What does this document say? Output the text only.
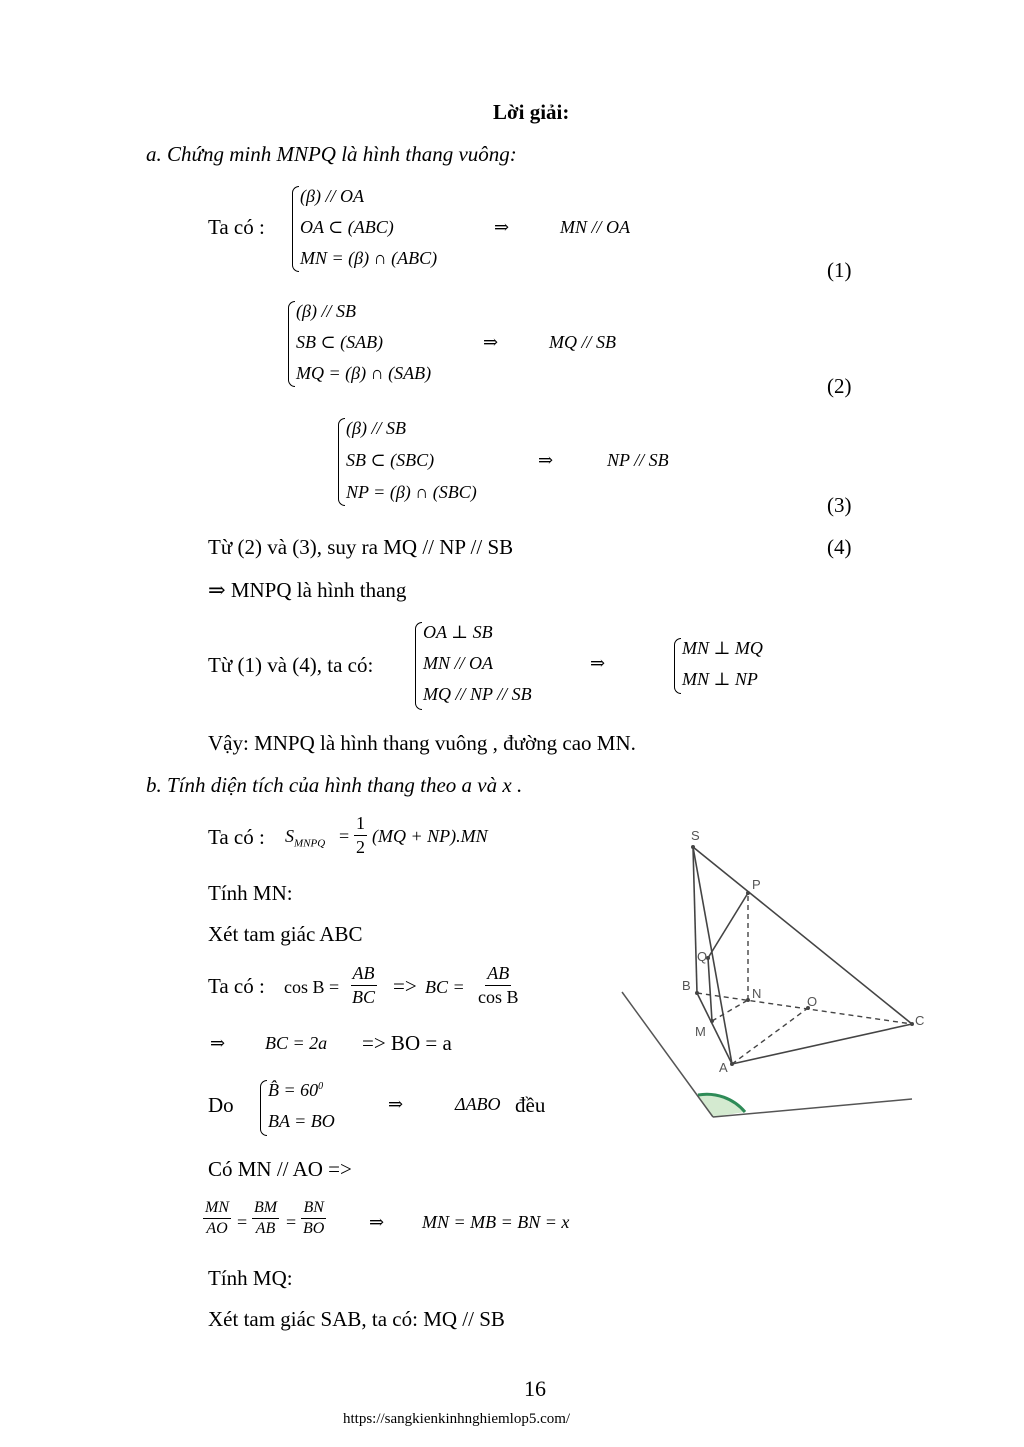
Lời giải:
a. Chứng minh MNPQ là hình thang vuông:
Ta có :
(β) // OA
OA ⊂ (ABC)
MN = (β) ∩ (ABC)
⇒	MN // OA
(1)
(β) // SB
SB ⊂ (SAB)
MQ = (β) ∩ (SAB)
⇒	MQ // SB
(2)
(β) // SB
SB ⊂ (SBC)
NP = (β) ∩ (SBC)
⇒	NP // SB
(3)
Từ (2) và (3), suy ra MQ // NP // SB	(4)
⇒ MNPQ là hình thang
Từ (1) và (4), ta có:
OA ⊥ SB
MN // OA
MQ // NP // SB
⇒
MN ⊥ MQ
MN ⊥ NP
Vậy: MNPQ là hình thang vuông , đường cao MN.
b. Tính diện tích của hình thang theo a và x .
Ta có : $S_{MNPQ}$ =
1
2
(MQ + NP).MN
Tính MN:
Xét tam giác ABC
Ta có : cos B =
AB
BC => BC =
AB
cos B
⇒ BC = 2a => BO = a
Do
B̂ = $60^0$
BA = BO
⇒	ΔABO đều
Có MN // AO =>
MN
AO =
BM
AB =
BN
BO ⇒ MN = MB = BN = x
Tính MQ:
Xét tam giác SAB, ta có: MQ // SB
S
P
Q
B
N
O
C
M
A
16
https://sangkienkinhnghiemlop5.com/
